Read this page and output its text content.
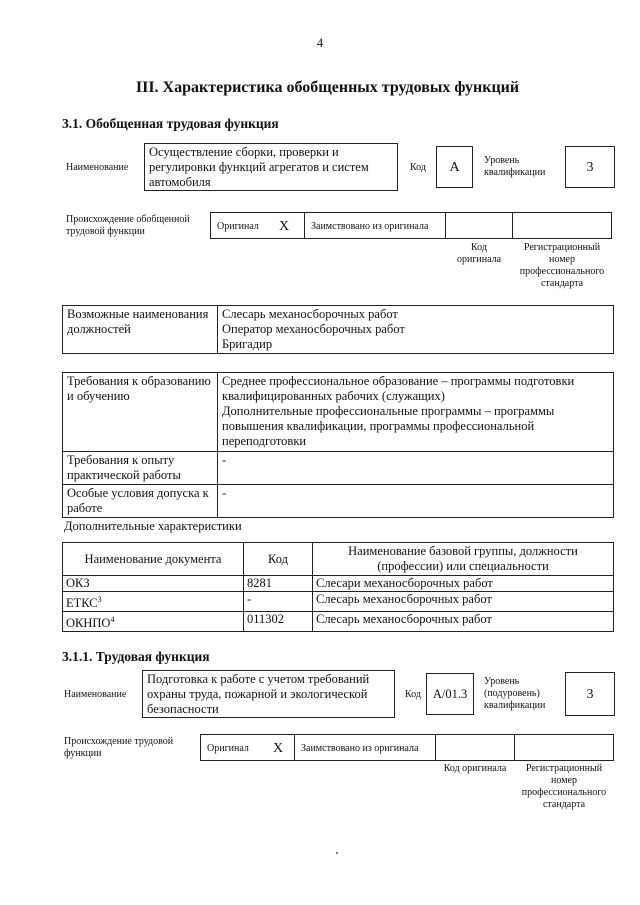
4
III. Характеристика обобщенных трудовых функций
3.1. Обобщенная трудовая функция
Наименование
Осуществление сборки, проверки и регулировки функций агрегатов и систем автомобиля
Код	А	Уровень квалификации	3
Происхождение обобщенной трудовой функции	Оригинал X Заимствовано из оригинала
Код оригинала
Регистрационный номер профессионального стандарта
Возможные наименования должностей	
Слесарь механосборочных работ
Оператор механосборочных работ
Бригадир
Требования к образованию и обучению	Среднее профессиональное образование – программы подготовки
квалифицированных рабочих (служащих)
Дополнительные профессиональные программы – программы
повышения квалификации, программы профессиональной
переподготовки

Требования к опыту практической работы	-
Особые условия допуска к работе	-
Дополнительные характеристики
Наименование документа	Код	Наименование базовой группы, должности (профессии) или специальности
ОКЗ	8281	Слесари механосборочных работ
ЕТКС$^3$	-	Слесарь механосборочных работ
ОКНПО$^4$	011302	Слесарь механосборочных работ
3.1.1. Трудовая функция
Наименование
Подготовка к работе с учетом требований охраны труда, пожарной и экологической безопасности
Код А/01.3
Уровень (подуровень) квалификации
3
Происхождение трудовой функции	Оригинал X Заимствовано из оригинала
Код оригинала	Регистрационный номер профессионального стандарта
